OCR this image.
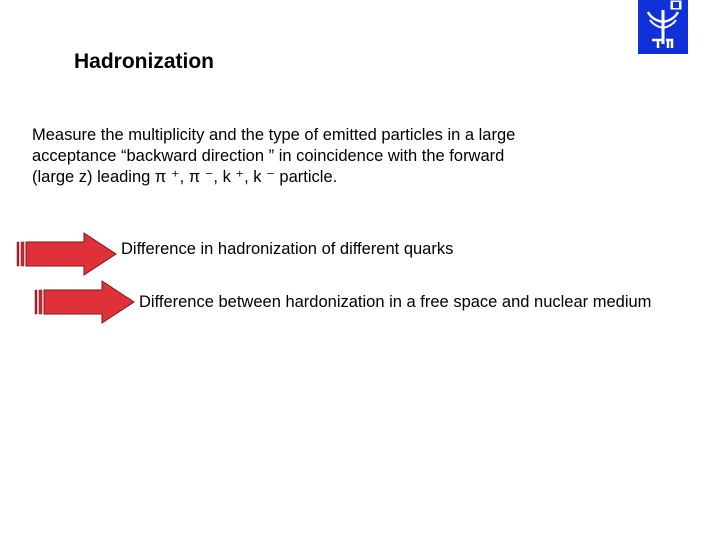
Hadronization
Measure the multiplicity and the type of emitted particles in a large
acceptance “backward direction ” in coincidence with the forward
(large z) leading π ⁺, π ⁻, k ⁺, k ⁻ particle.
Difference in hadronization of different quarks
Difference between hardonization in a free space and nuclear medium
